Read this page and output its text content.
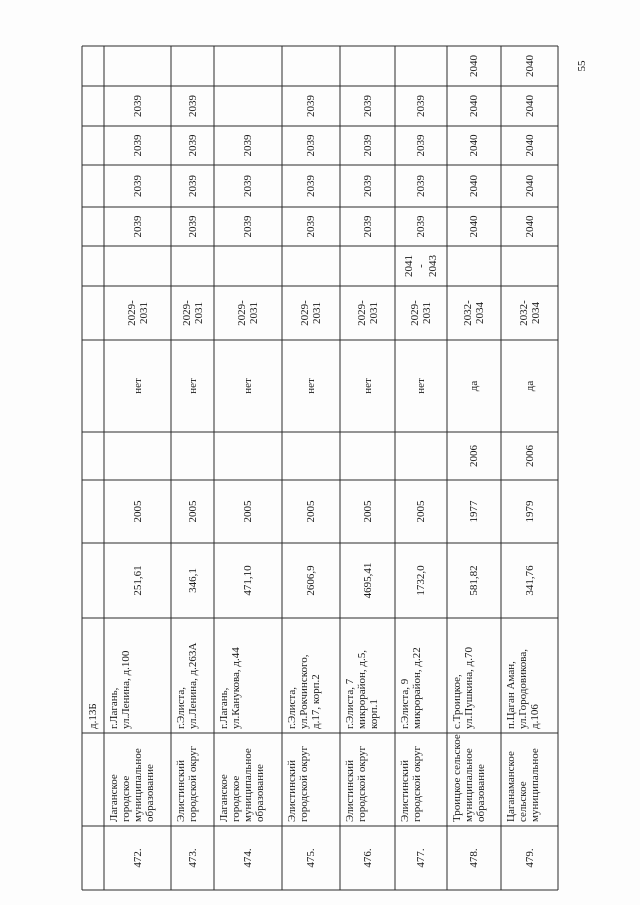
55
д.13Б
472.
Лаганское
городское
муниципальное
образование
г.Лагань,
ул.Ленина, д.100
251,61
2005
нет
2029-
2031
2039
2039
2039
2039
473.
Элистинский
городской округ
г.Элиста,
ул.Ленина, д.263А
346,1
2005
нет
2029-
2031
2039
2039
2039
2039
474.
Лаганское
городское
муниципальное
образование
г.Лагань,
ул.Канукова, д.44
471,10
2005
нет
2029-
2031
2039
2039
2039
475.
Элистинский
городской округ
г.Элиста,
ул.Рокчинского,
д.17, корп.2
2606,9
2005
нет
2029-
2031
2039
2039
2039
2039
476.
Элистинский
городской округ
г.Элиста, 7
микрорайон, д.5,
корп.1
4695,41
2005
нет
2029-
2031
2039
2039
2039
2039
477.
Элистинский
городской округ
г.Элиста, 9
микрорайон, д.22
1732,0
2005
нет
2029-
2031
2041
-
2043
2039
2039
2039
2039
478.
Троицкое сельское
муниципальное
образование
с.Троицкое,
ул.Пушкина, д.70
581,82
1977
2006
да
2032-
2034
2040
2040
2040
2040
2040
479.
Цаганаманское
сельское
муниципальное
п.Цаган Аман,
ул.Городовикова,
д.106
341,76
1979
2006
да
2032-
2034
2040
2040
2040
2040
2040
